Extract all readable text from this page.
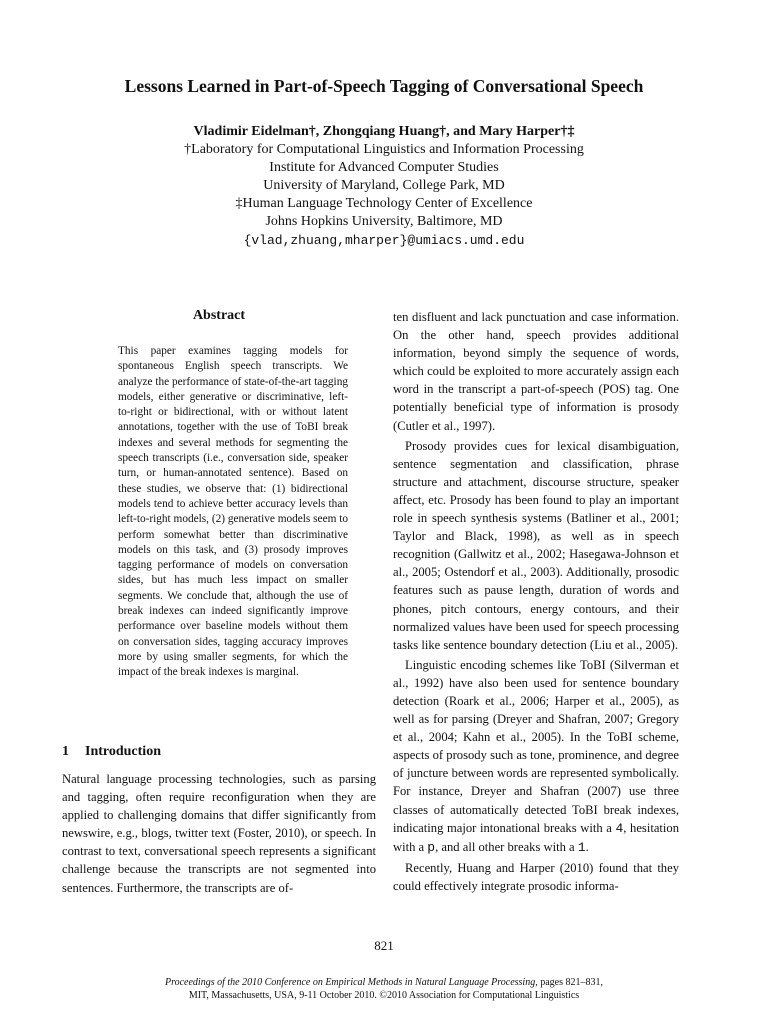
Lessons Learned in Part-of-Speech Tagging of Conversational Speech
Vladimir Eidelman†, Zhongqiang Huang†, and Mary Harper†‡
†Laboratory for Computational Linguistics and Information Processing
Institute for Advanced Computer Studies
University of Maryland, College Park, MD
‡Human Language Technology Center of Excellence
Johns Hopkins University, Baltimore, MD
{vlad,zhuang,mharper}@umiacs.umd.edu
Abstract
This paper examines tagging models for spontaneous English speech transcripts. We analyze the performance of state-of-the-art tagging models, either generative or discriminative, left-to-right or bidirectional, with or without latent annotations, together with the use of ToBI break indexes and several methods for segmenting the speech transcripts (i.e., conversation side, speaker turn, or human-annotated sentence). Based on these studies, we observe that: (1) bidirectional models tend to achieve better accuracy levels than left-to-right models, (2) generative models seem to perform somewhat better than discriminative models on this task, and (3) prosody improves tagging performance of models on conversation sides, but has much less impact on smaller segments. We conclude that, although the use of break indexes can indeed significantly improve performance over baseline models without them on conversation sides, tagging accuracy improves more by using smaller segments, for which the impact of the break indexes is marginal.
1 Introduction
Natural language processing technologies, such as parsing and tagging, often require reconfiguration when they are applied to challenging domains that differ significantly from newswire, e.g., blogs, twitter text (Foster, 2010), or speech. In contrast to text, conversational speech represents a significant challenge because the transcripts are not segmented into sentences. Furthermore, the transcripts are of-

ten disfluent and lack punctuation and case information. On the other hand, speech provides additional information, beyond simply the sequence of words, which could be exploited to more accurately assign each word in the transcript a part-of-speech (POS) tag. One potentially beneficial type of information is prosody (Cutler et al., 1997).

Prosody provides cues for lexical disambiguation, sentence segmentation and classification, phrase structure and attachment, discourse structure, speaker affect, etc. Prosody has been found to play an important role in speech synthesis systems (Batliner et al., 2001; Taylor and Black, 1998), as well as in speech recognition (Gallwitz et al., 2002; Hasegawa-Johnson et al., 2005; Ostendorf et al., 2003). Additionally, prosodic features such as pause length, duration of words and phones, pitch contours, energy contours, and their normalized values have been used for speech processing tasks like sentence boundary detection (Liu et al., 2005).

Linguistic encoding schemes like ToBI (Silverman et al., 1992) have also been used for sentence boundary detection (Roark et al., 2006; Harper et al., 2005), as well as for parsing (Dreyer and Shafran, 2007; Gregory et al., 2004; Kahn et al., 2005). In the ToBI scheme, aspects of prosody such as tone, prominence, and degree of juncture between words are represented symbolically. For instance, Dreyer and Shafran (2007) use three classes of automatically detected ToBI break indexes, indicating major intonational breaks with a 4, hesitation with a p, and all other breaks with a 1.

Recently, Huang and Harper (2010) found that they could effectively integrate prosodic informa-

821
Proceedings of the 2010 Conference on Empirical Methods in Natural Language Processing, pages 821–831,
MIT, Massachusetts, USA, 9-11 October 2010. ©2010 Association for Computational Linguistics
